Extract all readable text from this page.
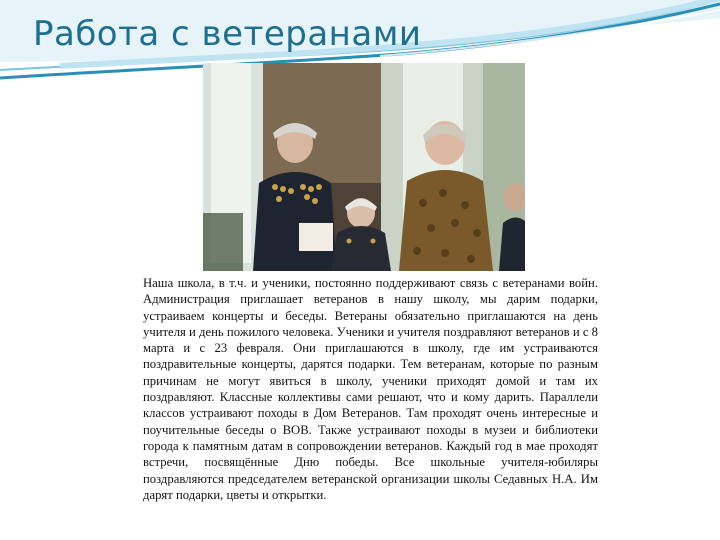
Работа с ветеранами

Наша школа, в т.ч. и ученики, постоянно поддерживают связь с ветеранами войн. Администрация приглашает ветеранов в нашу школу, мы дарим подарки, устраиваем концерты и беседы. Ветераны обязательно приглашаются на день учителя и день пожилого человека. Ученики и учителя поздравляют ветеранов и с 8 марта и с 23 февраля. Они приглашаются в школу, где им устраиваются поздравительные концерты, дарятся подарки. Тем ветеранам, которые по разным причинам не могут явиться в школу, ученики приходят домой и там их поздравляют. Классные коллективы сами решают, что и кому дарить. Параллели классов устраивают походы в Дом Ветеранов. Там проходят очень интересные и поучительные беседы о ВОВ. Также устраивают походы в музеи и библиотеки города к памятным датам в сопровождении ветеранов. Каждый год в мае проходят встречи, посвящённые Дню победы. Все школьные учителя-юбиляры поздравляются председателем ветеранской организации школы Седавных Н.А. Им дарят подарки, цветы и открытки.
